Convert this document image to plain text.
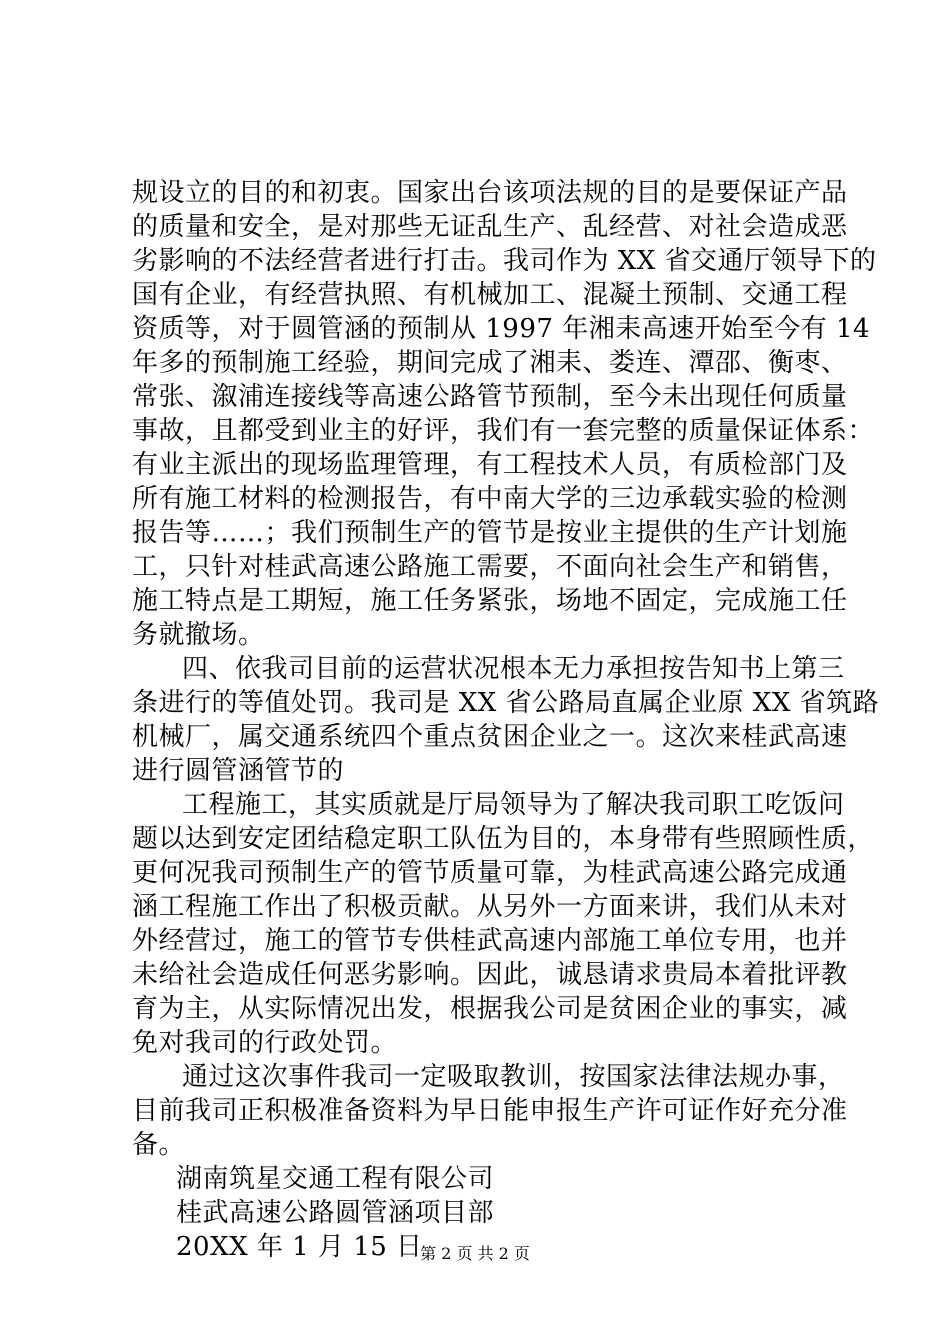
规设立的目的和初衷。国家出台该项法规的目的是要保证产品
的质量和安全，是对那些无证乱生产、乱经营、对社会造成恶
劣影响的不法经营者进行打击。我司作为 XX 省交通厅领导下的
国有企业，有经营执照、有机械加工、混凝土预制、交通工程
资质等，对于圆管涵的预制从 1997 年湘耒高速开始至今有 14
年多的预制施工经验，期间完成了湘耒、娄连、潭邵、衡枣、
常张、溆浦连接线等高速公路管节预制，至今未出现任何质量
事故，且都受到业主的好评，我们有一套完整的质量保证体系：
有业主派出的现场监理管理，有工程技术人员，有质检部门及
所有施工材料的检测报告，有中南大学的三边承载实验的检测
报告等……；我们预制生产的管节是按业主提供的生产计划施
工，只针对桂武高速公路施工需要，不面向社会生产和销售，
施工特点是工期短，施工任务紧张，场地不固定，完成施工任
务就撤场。
四、依我司目前的运营状况根本无力承担按告知书上第三
条进行的等值处罚。我司是 XX 省公路局直属企业原 XX 省筑路
机械厂，属交通系统四个重点贫困企业之一。这次来桂武高速
进行圆管涵管节的
工程施工，其实质就是厅局领导为了解决我司职工吃饭问
题以达到安定团结稳定职工队伍为目的，本身带有些照顾性质，
更何况我司预制生产的管节质量可靠，为桂武高速公路完成通
涵工程施工作出了积极贡献。从另外一方面来讲，我们从未对
外经营过，施工的管节专供桂武高速内部施工单位专用，也并
未给社会造成任何恶劣影响。因此，诚恳请求贵局本着批评教
育为主，从实际情况出发，根据我公司是贫困企业的事实，减
免对我司的行政处罚。
通过这次事件我司一定吸取教训，按国家法律法规办事，
目前我司正积极准备资料为早日能申报生产许可证作好充分准
备。
湖南筑星交通工程有限公司
桂武高速公路圆管涵项目部
20XX 年 1 月 15 日
第 2 页 共 2 页
